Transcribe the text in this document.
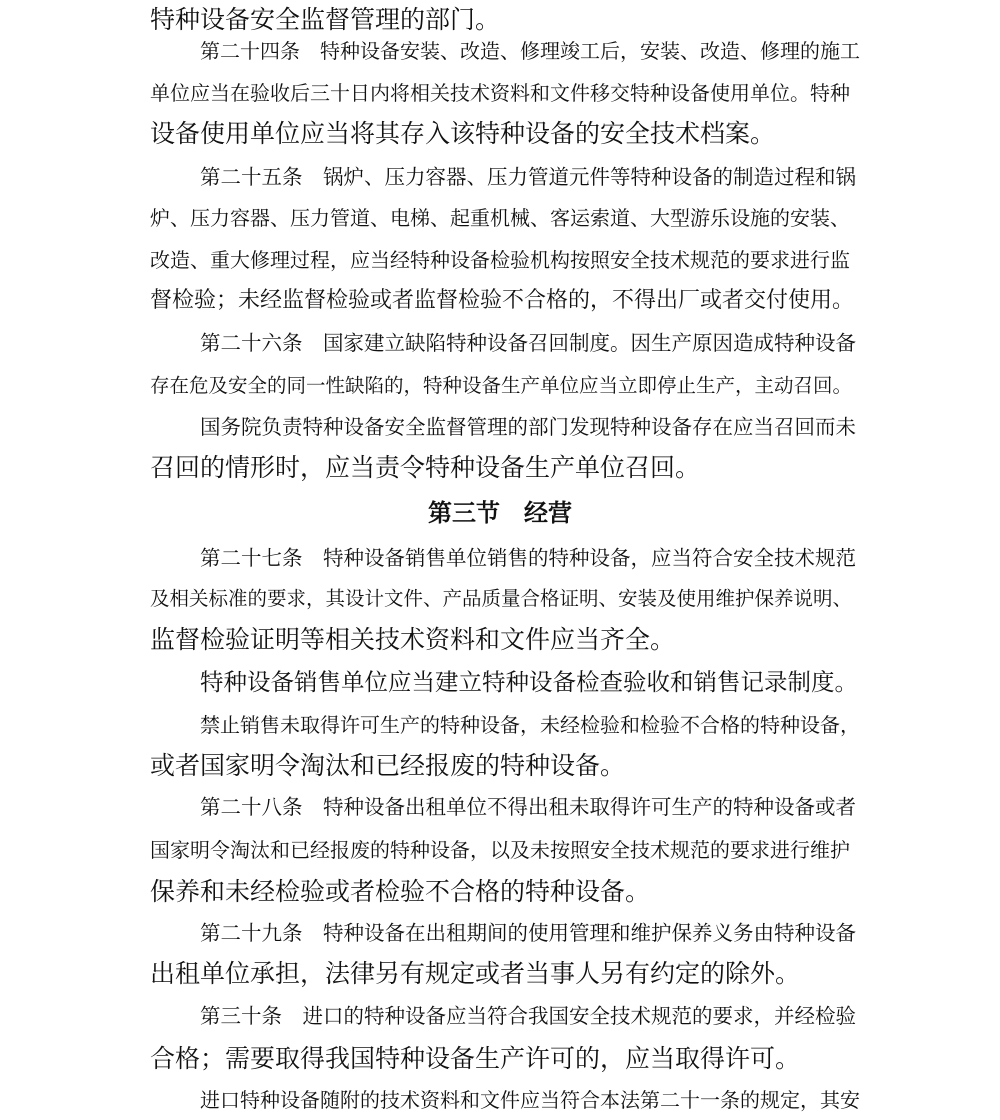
特种设备安全监督管理的部门。
第二十四条　特种设备安装、改造、修理竣工后，安装、改造、修理的施工
单位应当在验收后三十日内将相关技术资料和文件移交特种设备使用单位。特种
设备使用单位应当将其存入该特种设备的安全技术档案。
第二十五条　锅炉、压力容器、压力管道元件等特种设备的制造过程和锅
炉、压力容器、压力管道、电梯、起重机械、客运索道、大型游乐设施的安装、
改造、重大修理过程，应当经特种设备检验机构按照安全技术规范的要求进行监
督检验；未经监督检验或者监督检验不合格的，不得出厂或者交付使用。
第二十六条　国家建立缺陷特种设备召回制度。因生产原因造成特种设备
存在危及安全的同一性缺陷的，特种设备生产单位应当立即停止生产，主动召回。
国务院负责特种设备安全监督管理的部门发现特种设备存在应当召回而未
召回的情形时，应当责令特种设备生产单位召回。
第三节　经营
第二十七条　特种设备销售单位销售的特种设备，应当符合安全技术规范
及相关标准的要求，其设计文件、产品质量合格证明、安装及使用维护保养说明、
监督检验证明等相关技术资料和文件应当齐全。
特种设备销售单位应当建立特种设备检查验收和销售记录制度。
禁止销售未取得许可生产的特种设备，未经检验和检验不合格的特种设备，
或者国家明令淘汰和已经报废的特种设备。
第二十八条　特种设备出租单位不得出租未取得许可生产的特种设备或者
国家明令淘汰和已经报废的特种设备，以及未按照安全技术规范的要求进行维护
保养和未经检验或者检验不合格的特种设备。
第二十九条　特种设备在出租期间的使用管理和维护保养义务由特种设备
出租单位承担，法律另有规定或者当事人另有约定的除外。
第三十条　进口的特种设备应当符合我国安全技术规范的要求，并经检验
合格；需要取得我国特种设备生产许可的，应当取得许可。
进口特种设备随附的技术资料和文件应当符合本法第二十一条的规定，其安
